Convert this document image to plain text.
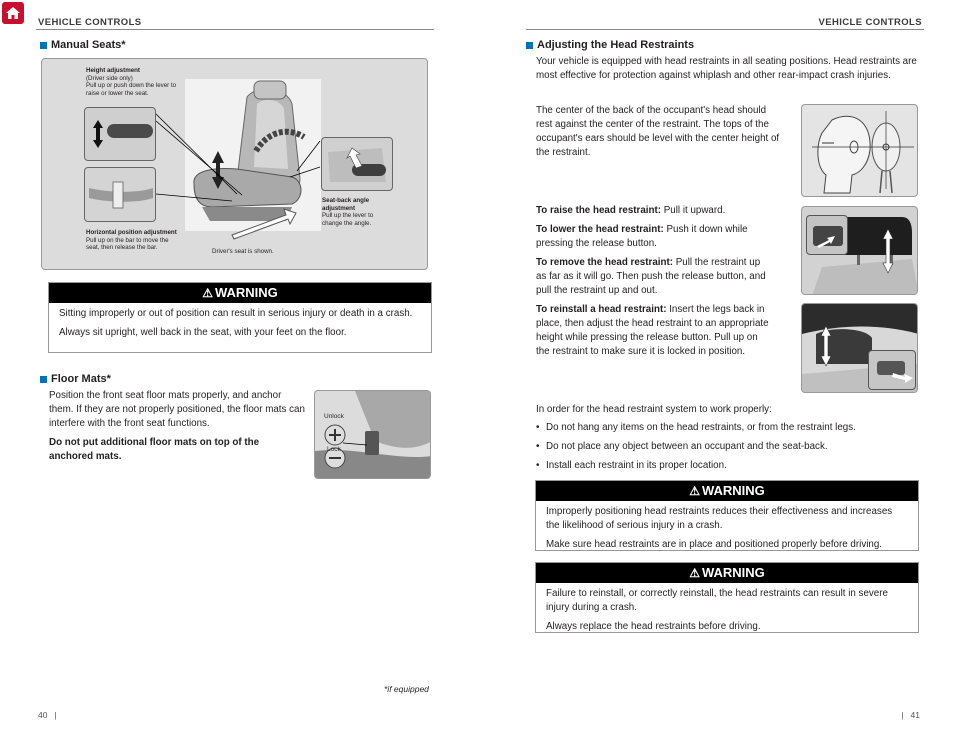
VEHICLE CONTROLS	VEHICLE CONTROLS
Manual Seats*
Height adjustment
(Driver side only)
Pull up or push down the lever to raise or lower the seat.
Horizontal position adjustment
Pull up on the bar to move the seat, then release the bar.
Seat-back angle adjustment
Pull up the lever to change the angle.
Driver's seat is shown.
⚠ WARNING

Sitting improperly or out of position can result in serious injury or death in a crash.

Always sit upright, well back in the seat, with your feet on the floor.

Floor Mats*

Position the front seat floor mats properly, and anchor them. If they are not properly positioned, the floor mats can interfere with the front seat functions.

Do not put additional floor mats on top of the anchored mats.

Unlock
Lock
*if equipped
40   |
Adjusting the Head Restraints
Your vehicle is equipped with head restraints in all seating positions. Head restraints are most effective for protection against whiplash and other rear-impact crash injuries.
The center of the back of the occupant's head should rest against the center of the restraint. The tops of the occupant's ears should be level with the center height of the restraint.

To raise the head restraint: Pull it upward.

To lower the head restraint: Push it down while pressing the release button.

To remove the head restraint: Pull the restraint up as far as it will go. Then push the release button, and pull the restraint up and out.

To reinstall a head restraint: Insert the legs back in place, then adjust the head restraint to an appropriate height while pressing the release button. Pull up on the restraint to make sure it is locked in position.

In order for the head restraint system to work properly:
• Do not hang any items on the head restraints, or from the restraint legs.
• Do not place any object between an occupant and the seat-back.
• Install each restraint in its proper location.
⚠ WARNING

Improperly positioning head restraints reduces their effectiveness and increases the likelihood of serious injury in a crash.

Make sure head restraints are in place and positioned properly before driving.

⚠ WARNING

Failure to reinstall, or correctly reinstall, the head restraints can result in severe injury during a crash.

Always replace the head restraints before driving.

|   41
